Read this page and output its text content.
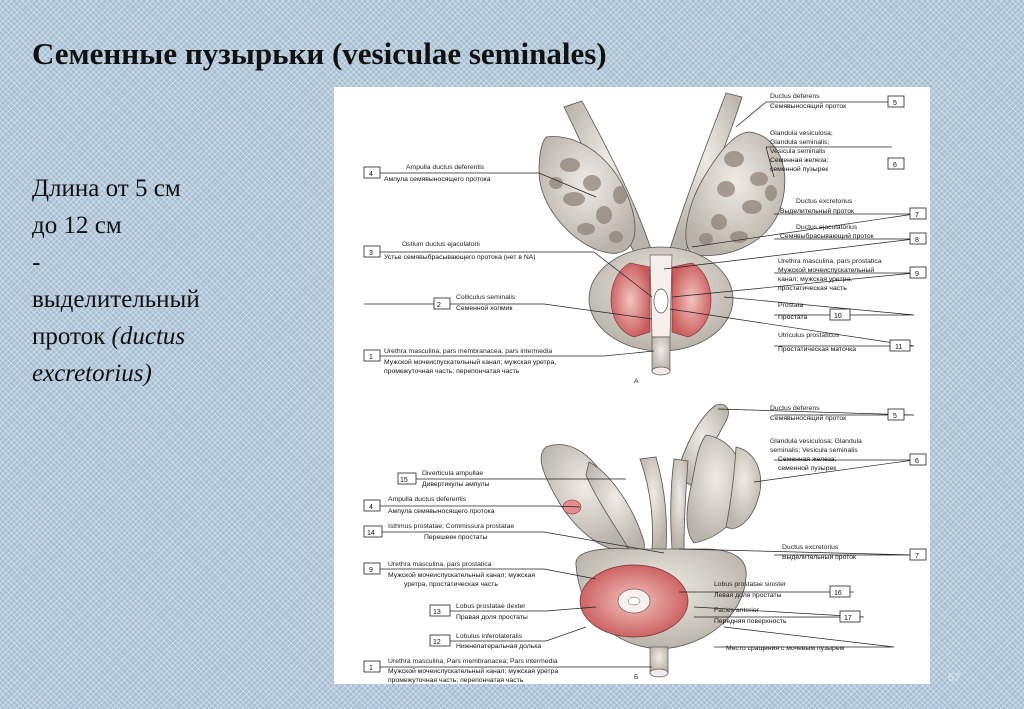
Семенные пузырьки (vesiculae seminales)
Длина от 5 см
до 12 см
-
выделительный
проток (ductus
excretorius)
5
Ductus deferens
Семявыносящий проток
6
Glandula vesiculosa;
Glandula seminalis;
Vesicula seminalis
Семенная железа;
семенной пузырек
4
Ampulla ductus deferentis
Ампула семявыносящего протока
7
Ductus excretorius
Выделительный проток
8
Ductus ejaculatorius
Семявыбрасывающий проток
3
Ostium ductus ejaculatorii
Устье семявыбрасывающего протока (нет в NA)
9
Urethra masculina, pars prostatica
Мужской мочеиспускательный
канал; мужская уретра,
простатическая часть
2
Colliculus seminalis
Семенной холмик
10
Prostata
Простата
11
Utriculus prostaticus
Простатическая маточка
1
Urethra masculina, pars membranacea; pars intermedia
Мужской мочеиспускательный канал; мужская уретра,
промежуточная часть; перепончатая часть
А
5
Ductus deferens
Семявыносящий проток
6
Glandula vesiculosa; Glandula
seminalis; Vesicula seminalis
Семенная железа;
семенной пузырек
15
Diverticula ampullae
Дивертикулы ампулы
4
Ampulla ductus deferentis
Ампула семявыносящего протока
14
Isthmus prostatae; Commissura prostatae
Перешеек простаты
7
Ductus excretorius
Выделительный проток
9
Urethra masculina, pars prostatica
Мужской мочеиспускательный канал; мужская
уретра, простатическая часть
16
Lobus prostatae sinister
Левая доля простаты
13
Lobus prostatae dexter
Правая доля простаты	17
Facies anterior
Передняя поверхность
12
Lobulus inferolateralis
Нижнелатеральная долька	Место сращения с мочевым пузырем
1
Urethra masculina, Pars membranacea; Pars intermedia
Мужской мочеиспускательный канал; мужская уретра
промежуточная часть; перепончатая часть	Б	57
